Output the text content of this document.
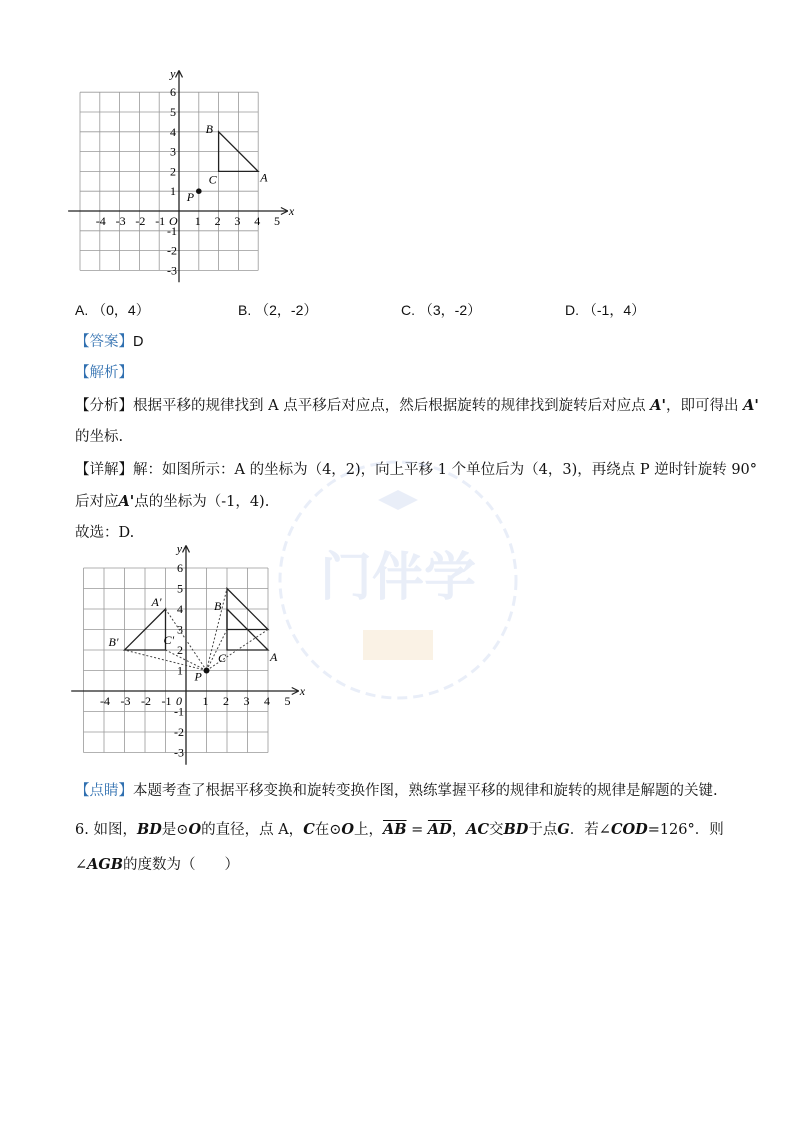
x
y
-4 -3 -2 -1 O 1 2 3 4 5
6
5
4
3
2
1
-1
-2
-3
B
C	A
P
A. （0，4）	B. （2，-2）	C. （3，-2）	D. （-1，4）
【答案】D
【解析】
【分析】根据平移的规律找到 A 点平移后对应点，然后根据旋转的规律找到旋转后对应点 A'，即可得出 A'
的坐标.
【详解】解：如图所示：A 的坐标为（4，2)，向上平移 1 个单位后为（4，3)，再绕点 P 逆时针旋转 90°
后对应A'点的坐标为（-1，4).
故选：D.
门伴学
x
y
-4 -3 -2 -1 0 1 2 3 4 5
6
5
4
3
2
1
-1
-2
-3
A'
B'	C'
B
C	A
P
【点睛】本题考查了根据平移变换和旋转变换作图，熟练掌握平移的规律和旋转的规律是解题的关键.
6. 如图，BD是⊙O的直径，点 A，C在⊙O上，$\overline{AB} = \overline{AD}$，AC交BD于点G．若∠COD=126°．则
∠AGB的度数为（　　）
